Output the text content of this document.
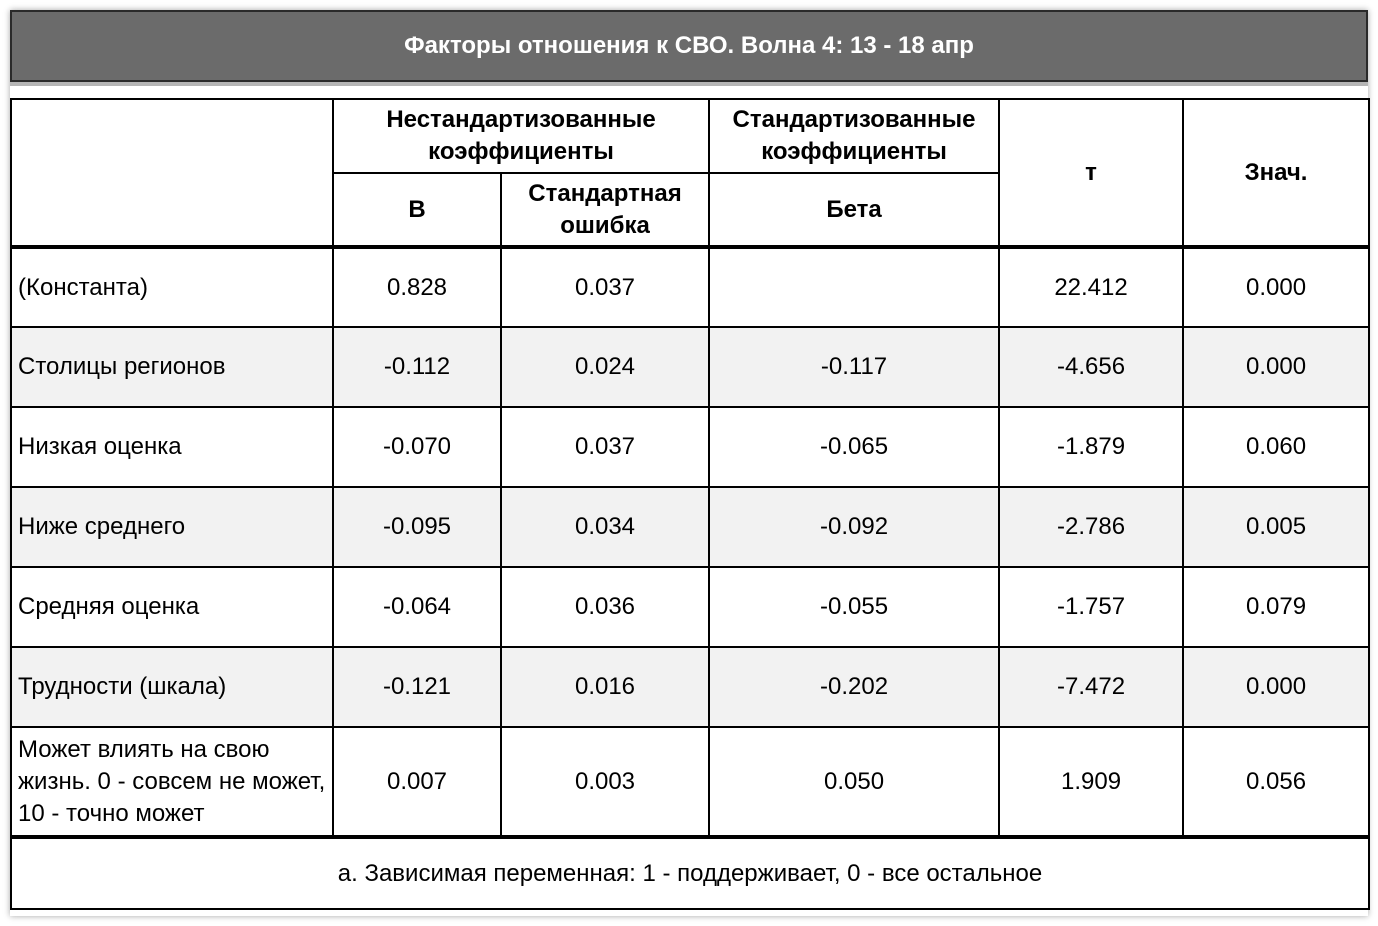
Факторы отношения к СВО. Волна 4: 13 - 18 апр
	Нестандартизованные коэффициенты		Стандартизованные коэффициенты	т	Знач.
	B	Стандартная ошибка	Бета		
(Константа)	0.828	0.037		22.412	0.000
Столицы регионов	-0.112	0.024	-0.117	-4.656	0.000
Низкая оценка	-0.070	0.037	-0.065	-1.879	0.060
Ниже среднего	-0.095	0.034	-0.092	-2.786	0.005
Средняя оценка	-0.064	0.036	-0.055	-1.757	0.079
Трудности (шкала)	-0.121	0.016	-0.202	-7.472	0.000
Может влиять на свою жизнь. 0 - совсем не может, 10 - точно может	0.007	0.003	0.050	1.909	0.056
a. Зависимая переменная: 1 - поддерживает, 0 - все остальное					
